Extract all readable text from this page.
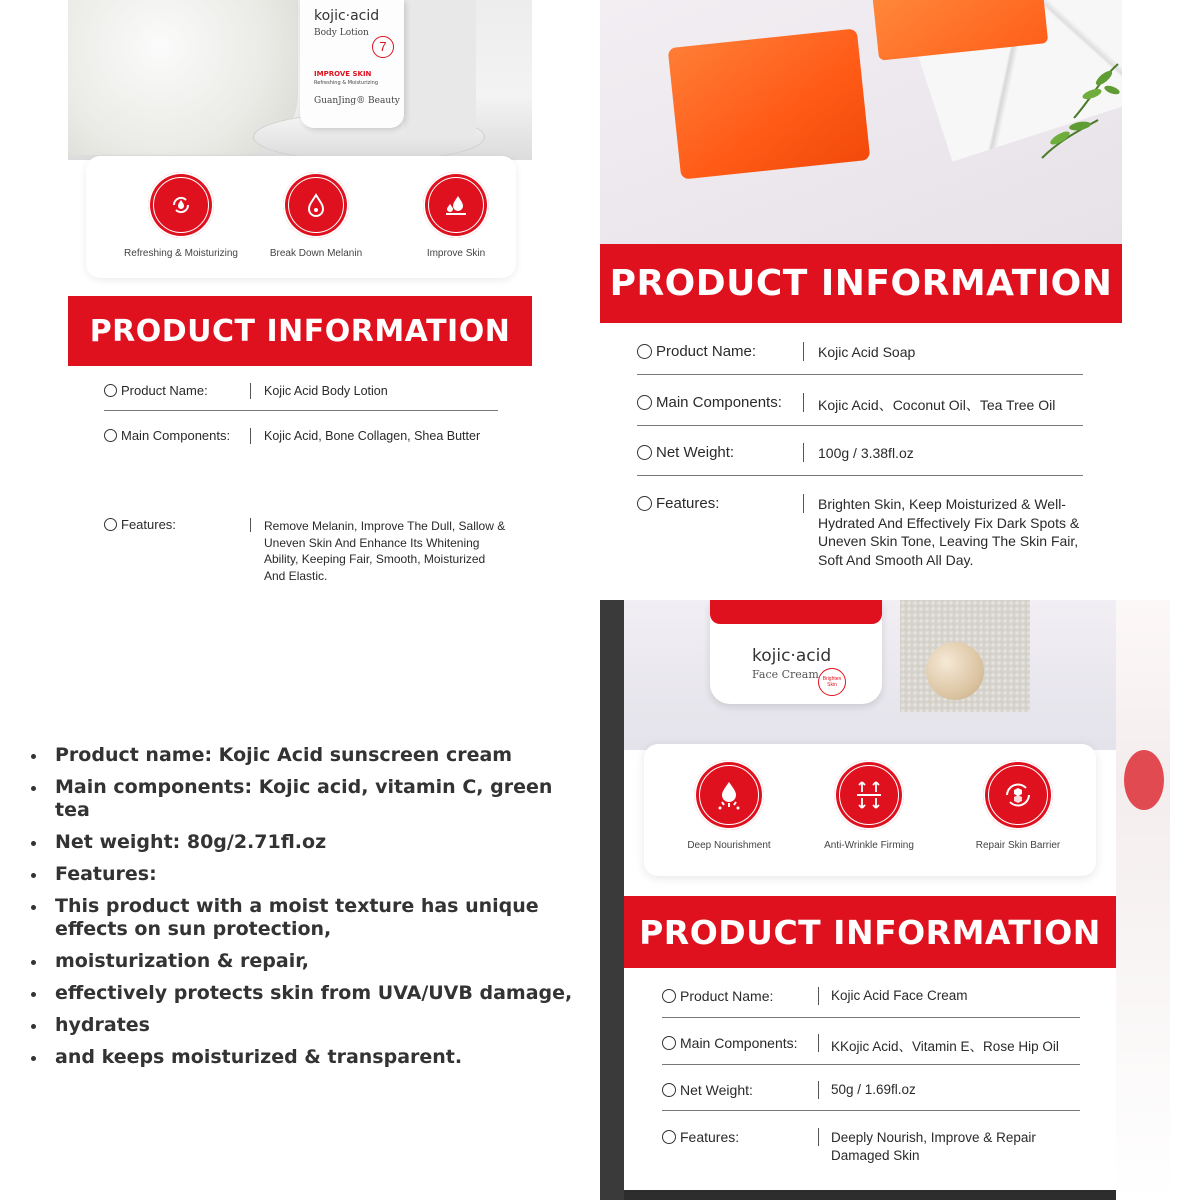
kojic·acid
Body Lotion
7
IMPROVE SKIN
Refreshing & Moisturizing
GuanJing® Beauty
Refreshing & Moisturizing	Break Down Melanin	Improve Skin
PRODUCT INFORMATION
Product Name:	Kojic Acid Body Lotion
Main Components:	Kojic Acid, Bone Collagen, Shea Butter
Features:	Remove Melanin, Improve The Dull, Sallow & Uneven Skin And Enhance Its Whitening Ability, Keeping Fair, Smooth, Moisturized And Elastic.
PRODUCT INFORMATION
Product Name:	Kojic Acid Soap
Main Components:	Kojic Acid、Coconut Oil、Tea Tree Oil
Net Weight:	100g / 3.38fl.oz
Features:	Brighten Skin, Keep Moisturized & Well-Hydrated And Effectively Fix Dark Spots & Uneven Skin Tone, Leaving The Skin Fair, Soft And Smooth All Day.
Product name: Kojic Acid sunscreen cream
Main components: Kojic acid, vitamin C, green tea
Net weight: 80g/2.71fl.oz
Features:
This product with a moist texture has unique effects on sun protection,
moisturization & repair,
effectively protects skin from UVA/UVB damage,
hydrates
and keeps moisturized & transparent.
kojic·acid
Face Cream Brighten Skin
Deep Nourishment	Anti-Wrinkle Firming	Repair Skin Barrier
PRODUCT INFORMATION
Product Name:	Kojic Acid Face Cream
Main Components: KKojic Acid、Vitamin E、Rose Hip Oil
Net Weight:	50g / 1.69fl.oz
Features:	Deeply Nourish, Improve & Repair Damaged Skin
